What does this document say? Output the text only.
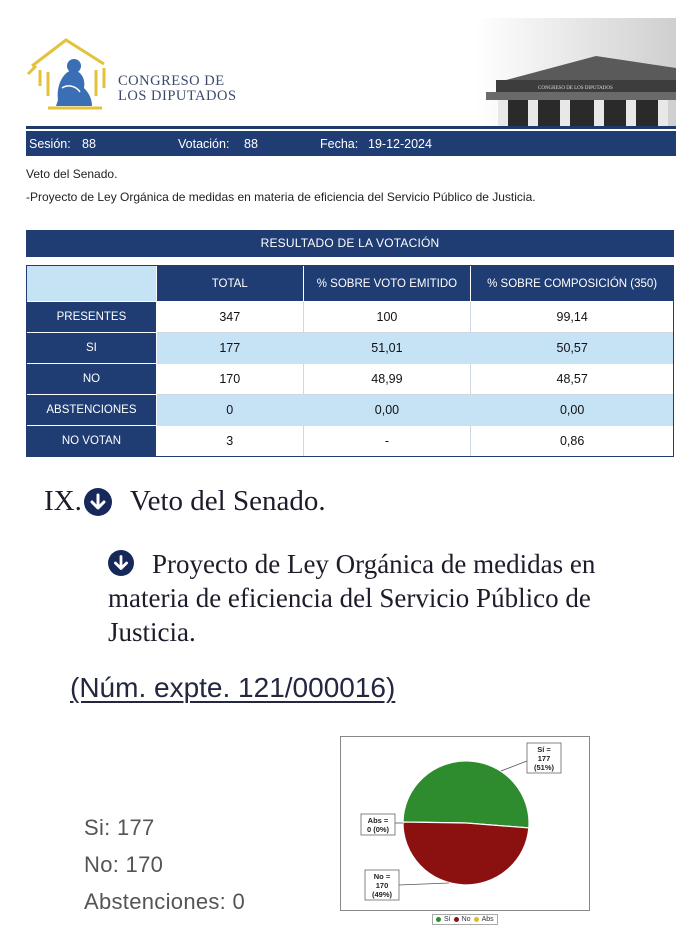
CONGRESO DE
LOS DIPUTADOS	CONGRESO DE LOS DIPUTADOS
Sesión: 88	Votación: 88	Fecha: 19-12-2024
Veto del Senado.
-Proyecto de Ley Orgánica de medidas en materia de eficiencia del Servicio Público de Justicia.
RESULTADO DE LA VOTACIÓN
	TOTAL	% SOBRE VOTO EMITIDO	% SOBRE COMPOSICIÓN (350)
PRESENTES	347	100	99,14
SI	177	51,01	50,57
NO	170	48,99	48,57
ABSTENCIONES	0	0,00	0,00
NO VOTAN	3	-	0,86
IX. Veto del Senado.
Proyecto de Ley Orgánica de medidas en materia de eficiencia del Servicio Público de Justicia.
(Núm. expte. 121/000016)
Si: 177
No: 170
Abstenciones: 0
Sí =
177
(51%)
No =
170
(49%)
Abs =
0 (0%)
Sí No Abs
